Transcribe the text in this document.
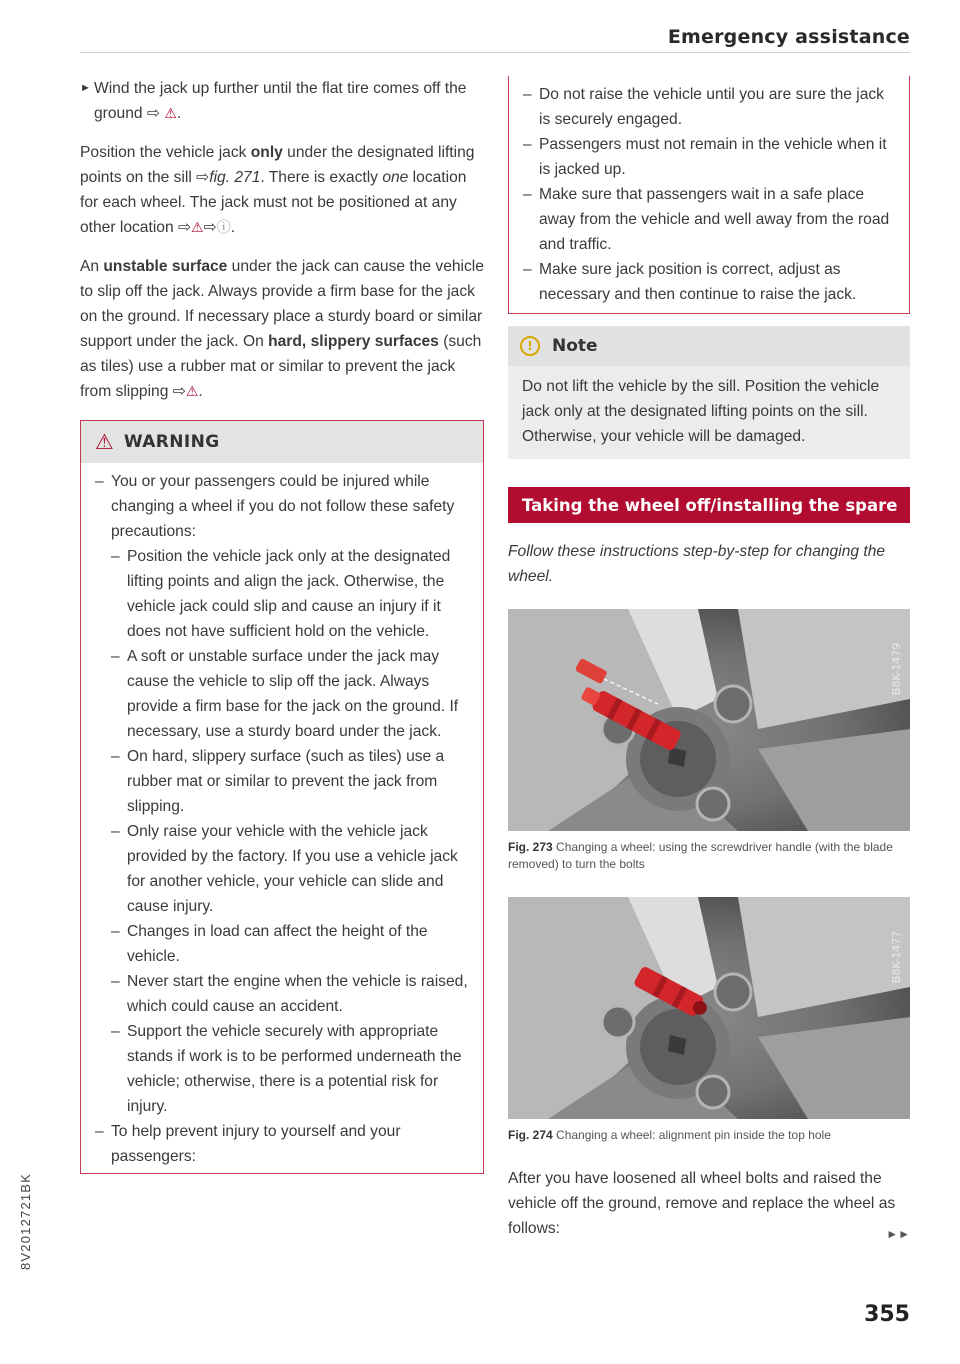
Emergency assistance
► Wind the jack up further until the flat tire comes off the ground ⇨ ⚠.

Position the vehicle jack only under the designated lifting points on the sill ⇨fig. 271. There is exactly one location for each wheel. The jack must not be positioned at any other location ⇨⚠⇨ⓘ.

An unstable surface under the jack can cause the vehicle to slip off the jack. Always provide a firm base for the jack on the ground. If necessary place a sturdy board or similar support under the jack. On hard, slippery surfaces (such as tiles) use a rubber mat or similar to prevent the jack from slipping ⇨⚠.

⚠ WARNING
– You or your passengers could be injured while changing a wheel if you do not follow these safety precautions:
– Position the vehicle jack only at the designated lifting points and align the jack. Otherwise, the vehicle jack could slip and cause an injury if it does not have sufficient hold on the vehicle.
– A soft or unstable surface under the jack may cause the vehicle to slip off the jack. Always provide a firm base for the jack on the ground. If necessary, use a sturdy board under the jack.
– On hard, slippery surface (such as tiles) use a rubber mat or similar to prevent the jack from slipping.
– Only raise your vehicle with the vehicle jack provided by the factory. If you use a vehicle jack for another vehicle, your vehicle can slide and cause injury.
– Changes in load can affect the height of the vehicle.
– Never start the engine when the vehicle is raised, which could cause an accident.
– Support the vehicle securely with appropriate stands if work is to be performed underneath the vehicle; otherwise, there is a potential risk for injury.
– To help prevent injury to yourself and your passengers:
– Do not raise the vehicle until you are sure the jack is securely engaged.
– Passengers must not remain in the vehicle when it is jacked up.
– Make sure that passengers wait in a safe place away from the vehicle and well away from the road and traffic.
– Make sure jack position is correct, adjust as necessary and then continue to raise the jack.
!	Note
Do not lift the vehicle by the sill. Position the vehicle jack only at the designated lifting points on the sill. Otherwise, your vehicle will be damaged.
Taking the wheel off/installing the spare

Follow these instructions step-by-step for changing the wheel.

B8K-1479
Fig. 273 Changing a wheel: using the screwdriver handle (with the blade removed) to turn the bolts
B8K-1477
Fig. 274 Changing a wheel: alignment pin inside the top hole

After you have loosened all wheel bolts and raised the vehicle off the ground, remove and replace the wheel as follows:	►►

355
8V2012721BK
